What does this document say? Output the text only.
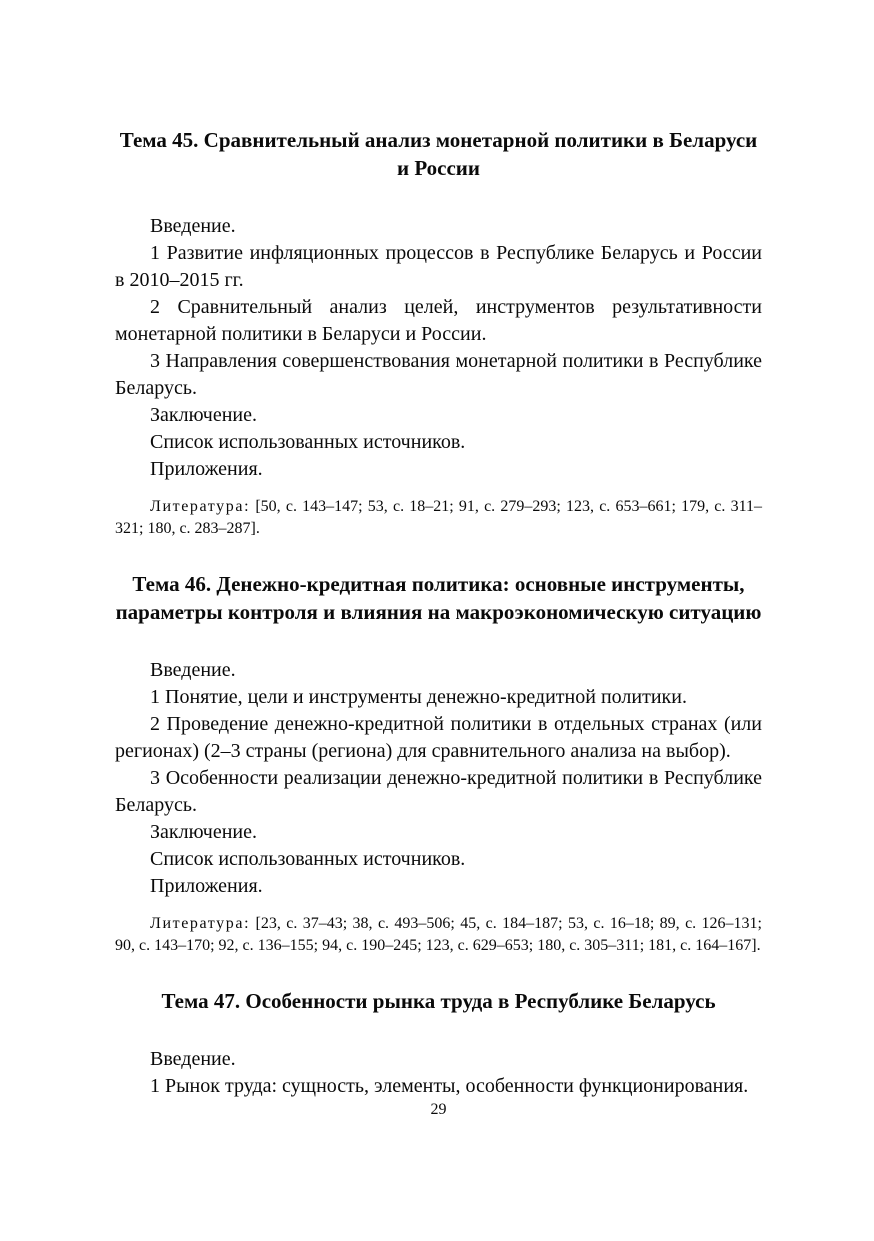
Тема 45. Сравнительный анализ монетарной политики в Беларуси и России

Введение.

1 Развитие инфляционных процессов в Республике Беларусь и России в 2010–2015 гг.

2 Сравнительный анализ целей, инструментов результативности монетарной политики в Беларуси и России.

3 Направления совершенствования монетарной политики в Республике Беларусь.

Заключение.

Список использованных источников.

Приложения.

Литература: [50, с. 143–147; 53, с. 18–21; 91, с. 279–293; 123, с. 653–661; 179, с. 311–321; 180, с. 283–287].

Тема 46. Денежно-кредитная политика: основные инструменты, параметры контроля и влияния на макроэкономическую ситуацию

Введение.

1 Понятие, цели и инструменты денежно-кредитной политики.

2 Проведение денежно-кредитной политики в отдельных странах (или регионах) (2–3 страны (региона) для сравнительного анализа на выбор).

3 Особенности реализации денежно-кредитной политики в Республике Беларусь.

Заключение.

Список использованных источников.

Приложения.

Литература: [23, с. 37–43; 38, с. 493–506; 45, с. 184–187; 53, с. 16–18; 89, с. 126–131; 90, с. 143–170; 92, с. 136–155; 94, с. 190–245; 123, с. 629–653; 180, с. 305–311; 181, с. 164–167].

Тема 47. Особенности рынка труда в Республике Беларусь

Введение.

1 Рынок труда: сущность, элементы, особенности функционирования.

29
